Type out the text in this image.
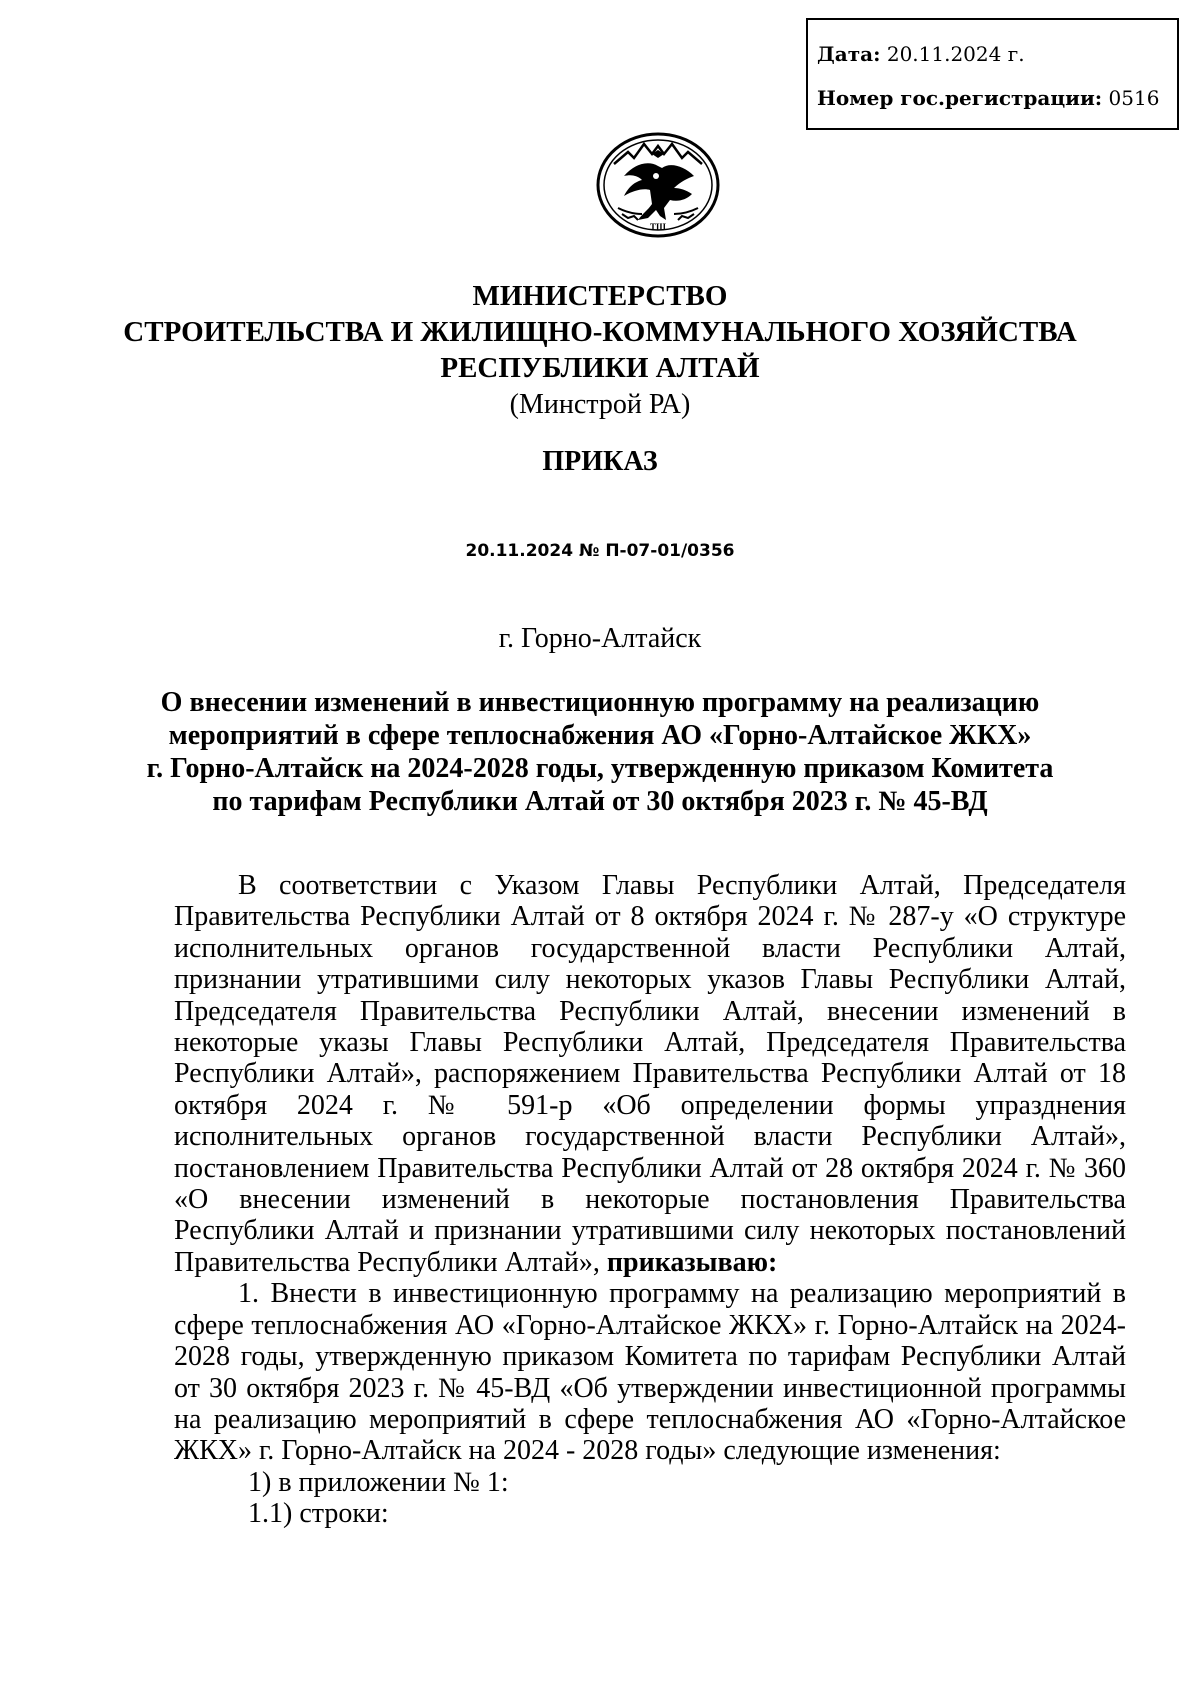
Дата: 20.11.2024 г.
Номер гос.регистрации: 0516
ТШ
МИНИСТЕРСТВО
СТРОИТЕЛЬСТВА И ЖИЛИЩНО-КОММУНАЛЬНОГО ХОЗЯЙСТВА
РЕСПУБЛИКИ АЛТАЙ
(Минстрой РА)
ПРИКАЗ
20.11.2024 № П-07-01/0356
г. Горно-Алтайск
О внесении изменений в инвестиционную программу на реализацию
мероприятий в сфере теплоснабжения АО «Горно-Алтайское ЖКХ»
г. Горно-Алтайск на 2024-2028 годы, утвержденную приказом Комитета
по тарифам Республики Алтай от 30 октября 2023 г. № 45-ВД

В соответствии с Указом Главы Республики Алтай, Председателя Правительства Республики Алтай от 8 октября 2024 г. № 287-у «О структуре исполнительных органов государственной власти Республики Алтай, признании утратившими силу некоторых указов Главы Республики Алтай, Председателя Правительства Республики Алтай, внесении изменений в некоторые указы Главы Республики Алтай, Председателя Правительства Республики Алтай», распоряжением Правительства Республики Алтай от 18 октября 2024 г. № 591-р «Об определении формы упразднения исполнительных органов государственной власти Республики Алтай», постановлением Правительства Республики Алтай от 28 октября 2024 г. № 360 «О внесении изменений в некоторые постановления Правительства Республики Алтай и признании утратившими силу некоторых постановлений Правительства Республики Алтай», приказываю:

1. Внести в инвестиционную программу на реализацию мероприятий в сфере теплоснабжения АО «Горно-Алтайское ЖКХ» г. Горно-Алтайск на 2024-2028 годы, утвержденную приказом Комитета по тарифам Республики Алтай от 30 октября 2023 г. № 45-ВД «Об утверждении инвестиционной программы на реализацию мероприятий в сфере теплоснабжения АО «Горно-Алтайское ЖКХ» г. Горно-Алтайск на 2024 - 2028 годы» следующие изменения:

1) в приложении № 1:

1.1) строки:
